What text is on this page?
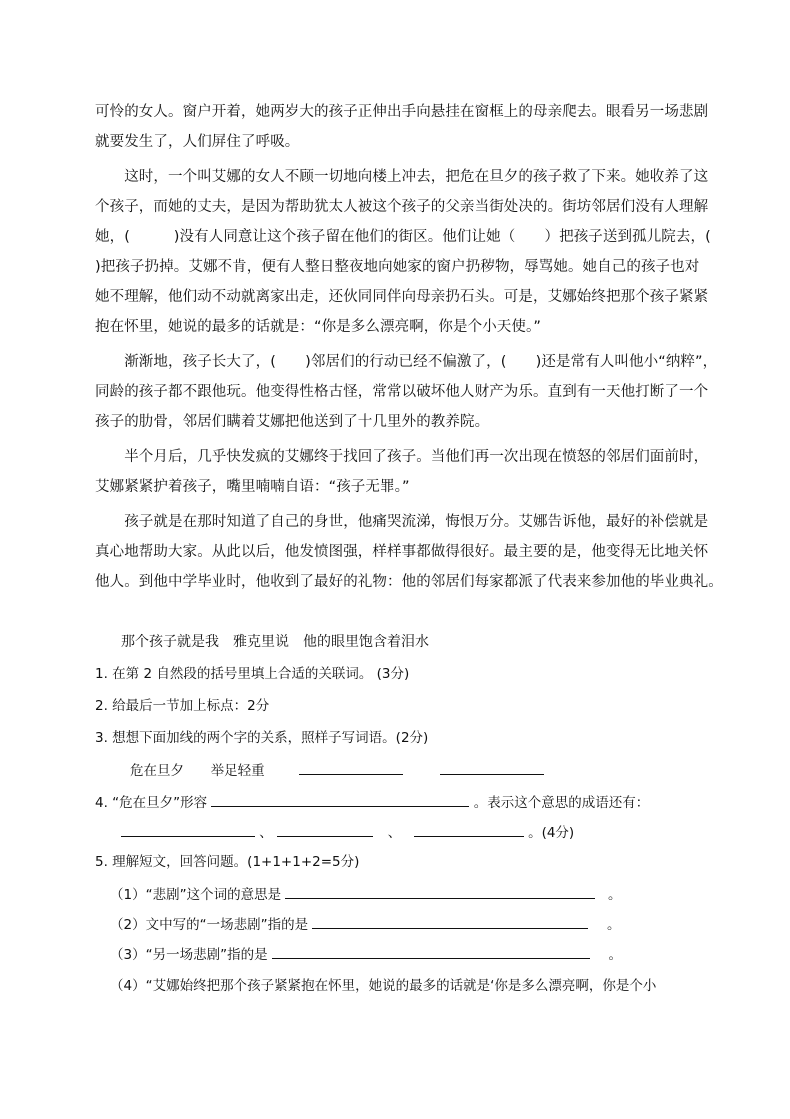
可怜的女人。窗户开着，她两岁大的孩子正伸出手向悬挂在窗框上的母亲爬去。眼看另一场悲剧

就要发生了，人们屏住了呼吸。

　　这时，一个叫艾娜的女人不顾一切地向楼上冲去，把危在旦夕的孩子救了下来。她收养了这

个孩子，而她的丈夫，是因为帮助犹太人被这个孩子的父亲当街处决的。街坊邻居们没有人理解

她，(　　　)没有人同意让这个孩子留在他们的街区。他们让她（　　）把孩子送到孤儿院去，(

)把孩子扔掉。艾娜不肯，便有人整日整夜地向她家的窗户扔秽物，辱骂她。她自己的孩子也对

她不理解，他们动不动就离家出走，还伙同同伴向母亲扔石头。可是，艾娜始终把那个孩子紧紧

抱在怀里，她说的最多的话就是：“你是多么漂亮啊，你是个小天使。”

　　渐渐地，孩子长大了，(　　)邻居们的行动已经不偏激了，(　　)还是常有人叫他小“纳粹”，

同龄的孩子都不跟他玩。他变得性格古怪，常常以破坏他人财产为乐。直到有一天他打断了一个

孩子的肋骨，邻居们瞒着艾娜把他送到了十几里外的教养院。

　　半个月后，几乎快发疯的艾娜终于找回了孩子。当他们再一次出现在愤怒的邻居们面前时，

艾娜紧紧护着孩子，嘴里喃喃自语：“孩子无罪。”

　　孩子就是在那时知道了自己的身世，他痛哭流涕，悔恨万分。艾娜告诉他，最好的补偿就是

真心地帮助大家。从此以后，他发愤图强，样样事都做得很好。最主要的是，他变得无比地关怀

他人。到他中学毕业时，他收到了最好的礼物：他的邻居们每家都派了代表来参加他的毕业典礼。

那个孩子就是我　雅克里说　他的眼里饱含着泪水

1. 在第 2 自然段的括号里填上合适的关联词。 (3分)

2. 给最后一节加上标点：2分

3. 想想下面加线的两个字的关系，照样子写词语。(2分)

危在旦夕 举足轻重

4. “危在旦夕”形容	。表示这个意思的成语还有：

、	、	。(4分)

5. 理解短文，回答问题。(1+1+1+2=5分)

（1）“悲剧”这个词的意思是	。

（2）文中写的“一场悲剧”指的是	。

（3）“另一场悲剧”指的是	。

（4）“艾娜始终把那个孩子紧紧抱在怀里，她说的最多的话就是‘你是多么漂亮啊，你是个小
